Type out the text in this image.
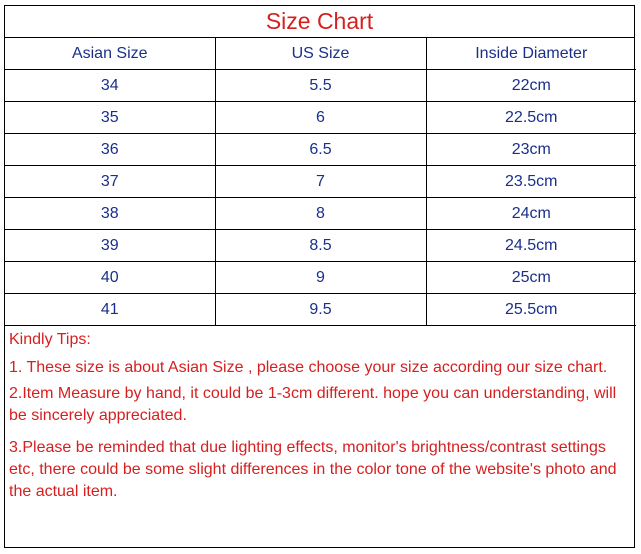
Size Chart
Asian Size	US Size	Inside Diameter
34	5.5	22cm
35	6	22.5cm
36	6.5	23cm
37	7	23.5cm
38	8	24cm
39	8.5	24.5cm
40	9	25cm
41	9.5	25.5cm

Kindly Tips:

1. These size is about Asian Size , please choose your size according our size chart.

2.Item Measure by hand, it could be 1-3cm different. hope you can understanding, will be sincerely appreciated.

3.Please be reminded that due lighting effects, monitor's brightness/contrast settings etc, there could be some slight differences in the color tone of the website's photo and the actual item.
